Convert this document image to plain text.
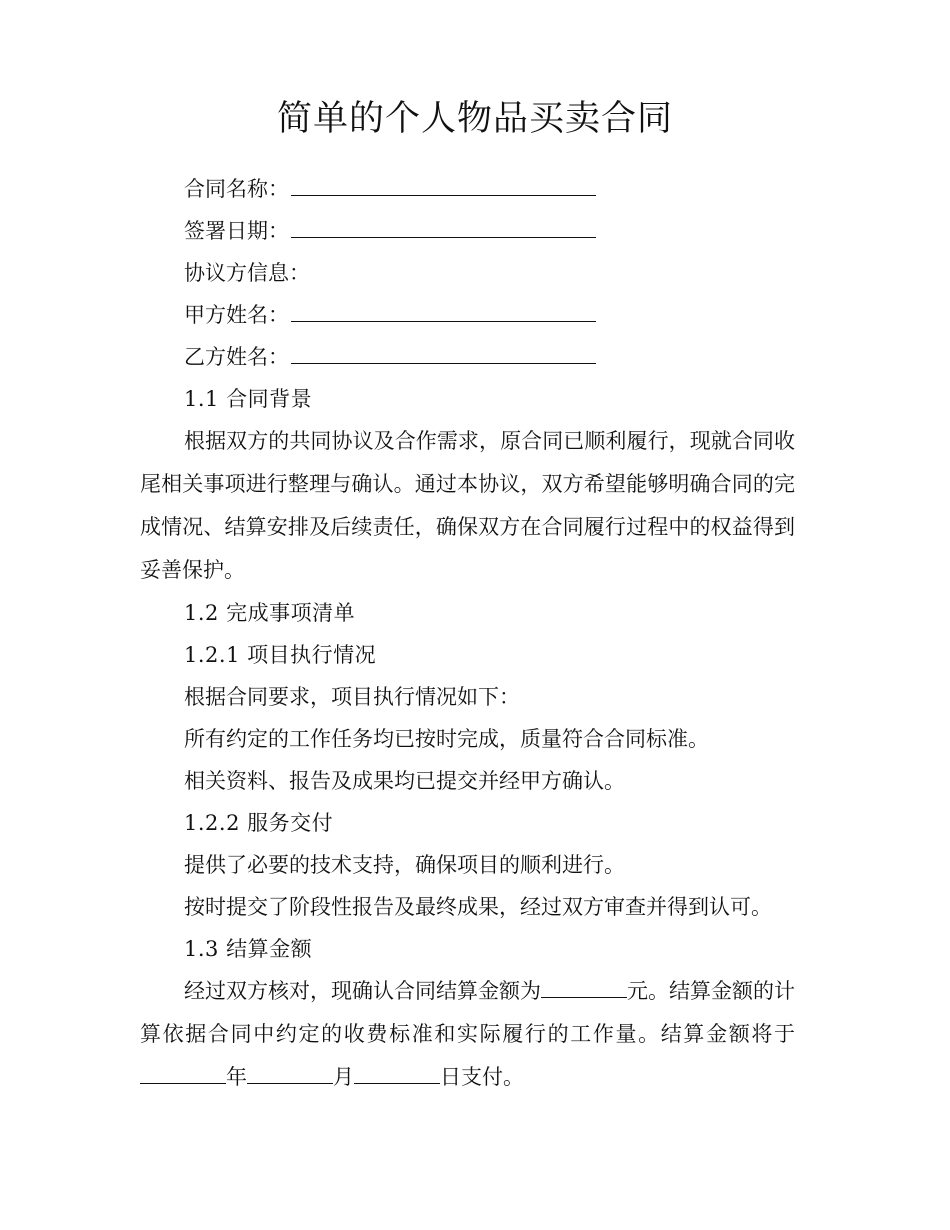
简单的个人物品买卖合同
合同名称：
签署日期：
协议方信息：
甲方姓名：
乙方姓名：
1.1 合同背景
根据双方的共同协议及合作需求，原合同已顺利履行，现就合同收尾相关事项进行整理与确认。通过本协议，双方希望能够明确合同的完成情况、结算安排及后续责任，确保双方在合同履行过程中的权益得到妥善保护。
1.2 完成事项清单
1.2.1 项目执行情况
根据合同要求，项目执行情况如下：
所有约定的工作任务均已按时完成，质量符合合同标准。
相关资料、报告及成果均已提交并经甲方确认。
1.2.2 服务交付
提供了必要的技术支持，确保项目的顺利进行。
按时提交了阶段性报告及最终成果，经过双方审查并得到认可。
1.3 结算金额
经过双方核对，现确认合同结算金额为	元。结算金额的计算依据合同中约定的收费标准和实际履行的工作量。结算金额将于年	月	日支付。
